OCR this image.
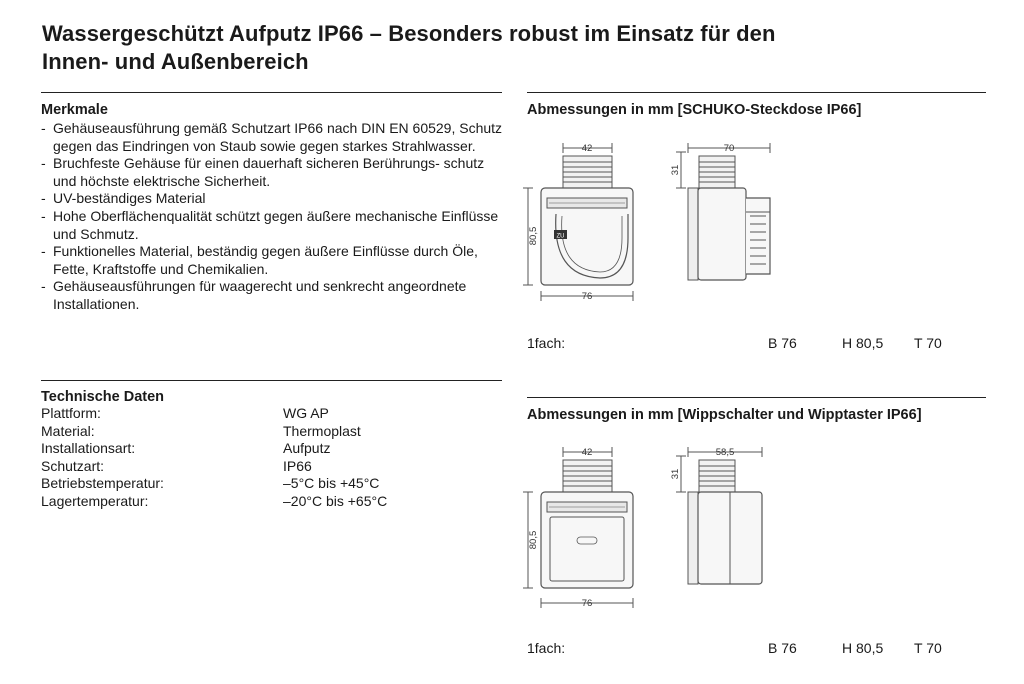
Wassergeschützt Aufputz IP66 – Besonders robust im Einsatz für den
Innen- und Außenbereich
Merkmale
- Gehäuseausführung gemäß Schutzart IP66 nach DIN EN 60529, Schutz gegen das Eindringen von Staub sowie gegen starkes Strahlwasser.
- Bruchfeste Gehäuse für einen dauerhaft sicheren Berührungs- schutz und höchste elektrische Sicherheit.
- UV-beständiges Material
- Hohe Oberflächenqualität schützt gegen äußere mechanische Einflüsse und Schmutz.
- Funktionelles Material, beständig gegen äußere Einflüsse durch Öle, Fette, Kraftstoffe und Chemikalien.
- Gehäuseausführungen für waagerecht und senkrecht angeordnete Installationen.
Technische Daten
Plattform:	WG AP
Material:	Thermoplast
Installationsart:	Aufputz
Schutzart:	IP66
Betriebstemperatur:	–5°C bis +45°C
Lagertemperatur:	–20°C bis +65°C
Abmessungen in mm [SCHUKO-Steckdose IP66]
ZU
42
80,5
76
70
31
1fach:	B 76	H 80,5 T 70
Abmessungen in mm [Wippschalter und Wipptaster IP66]
42
80,5
76
58,5
31
1fach:	B 76	H 80,5 T 70
